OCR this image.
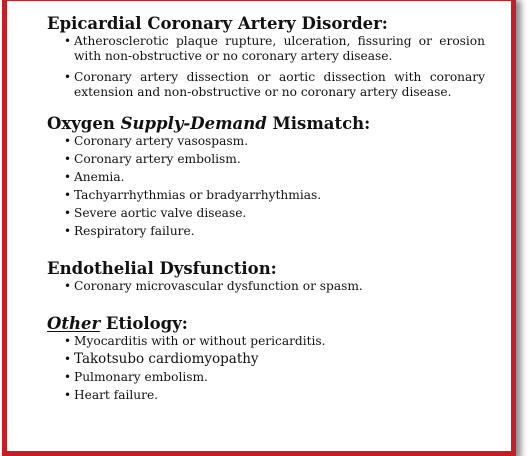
Epicardial Coronary Artery Disorder:
• Atherosclerotic plaque rupture, ulceration, fissuring or erosion with non-obstructive or no coronary artery disease.
• Coronary artery dissection or aortic dissection with coronary extension and non-obstructive or no coronary artery disease.
Oxygen Supply-Demand Mismatch:
• Coronary artery vasospasm.
• Coronary artery embolism.
• Anemia.
• Tachyarrhythmias or bradyarrhythmias.
• Severe aortic valve disease.
• Respiratory failure.
Endothelial Dysfunction:
• Coronary microvascular dysfunction or spasm.
Other Etiology:
• Myocarditis with or without pericarditis.
• Takotsubo cardiomyopathy
• Pulmonary embolism.
• Heart failure.
